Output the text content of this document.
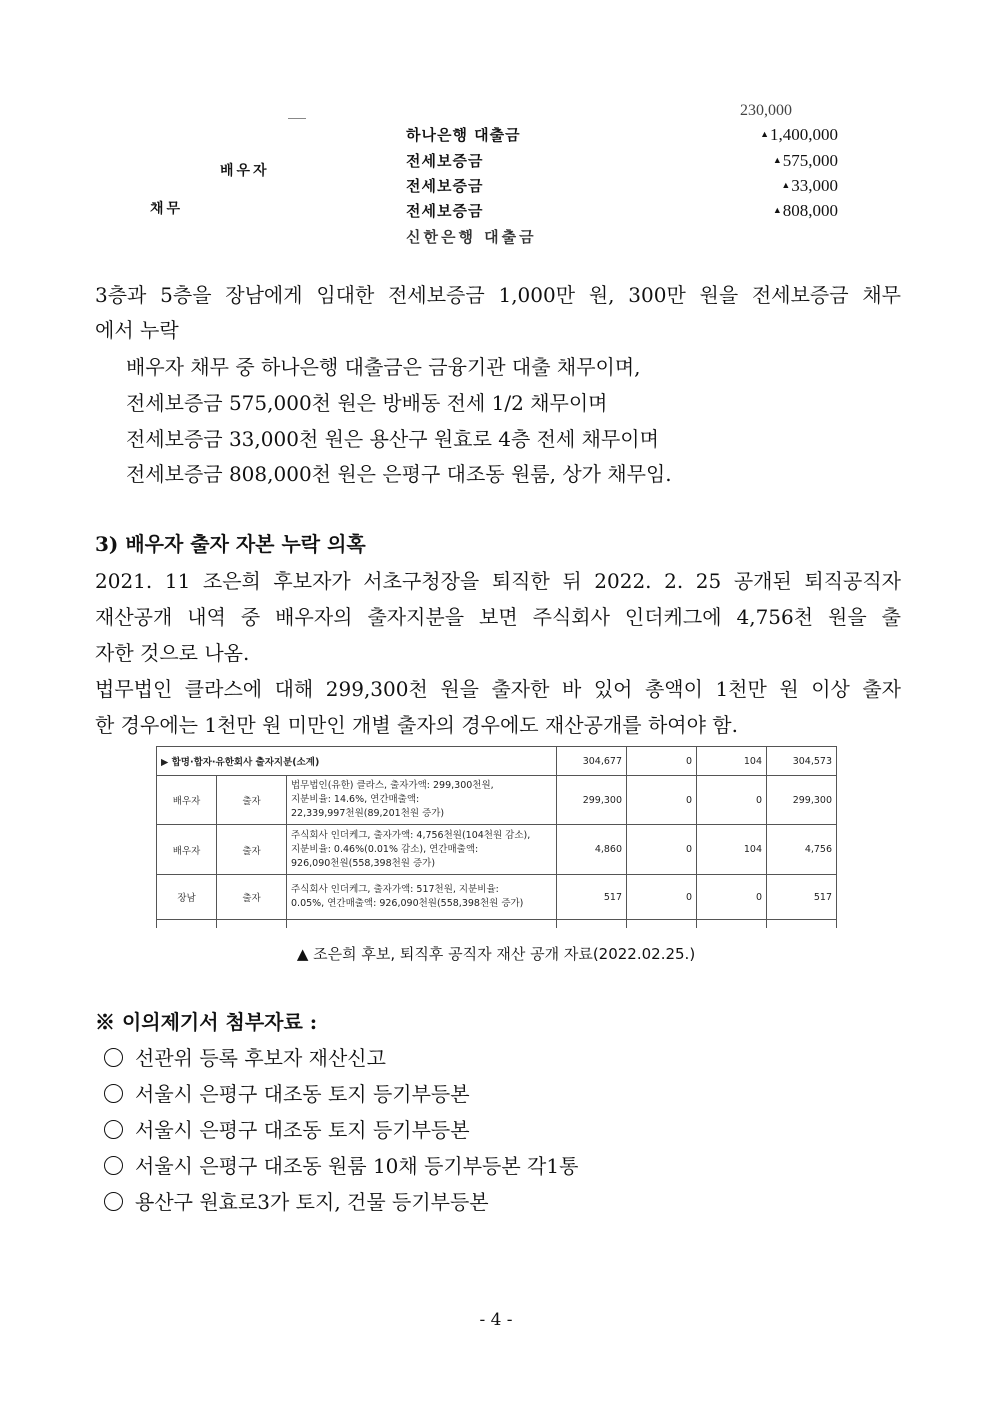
230,000
배우자
채무
하나은행 대출금	▲1,400,000
전세보증금	▲575,000
전세보증금	▲33,000
전세보증금	▲808,000
신한은행 대출금
3층과 5층을 장남에게 임대한 전세보증금 1,000만 원, 300만 원을 전세보증금 채무
에서 누락
배우자 채무 중 하나은행 대출금은 금융기관 대출 채무이며,
전세보증금 575,000천 원은 방배동 전세 1/2 채무이며
전세보증금 33,000천 원은 용산구 원효로 4층 전세 채무이며
전세보증금 808,000천 원은 은평구 대조동 원룸, 상가 채무임.
3) 배우자 출자 자본 누락 의혹
2021. 11 조은희 후보자가 서초구청장을 퇴직한 뒤 2022. 2. 25 공개된 퇴직공직자
재산공개 내역 중 배우자의 출자지분을 보면 주식회사 인더케그에 4,756천 원을 출
자한 것으로 나옴.
법무법인 클라스에 대해 299,300천 원을 출자한 바 있어 총액이 1천만 원 이상 출자
한 경우에는 1천만 원 미만인 개별 출자의 경우에도 재산공개를 하여야 함.
▶ 합명·합자·유한회사 출자지분(소계)			304,677	0	104	304,573
배우자	출자	법무법인(유한) 클라스, 출자가액: 299,300천원,
지분비율: 14.6%, 연간매출액:
22,339,997천원(89,201천원 증가)	299,300	0	0	299,300
배우자	출자	주식회사 인더케그, 출자가액: 4,756천원(104천원 감소),
지분비율: 0.46%(0.01% 감소), 연간매출액:
926,090천원(558,398천원 증가)	4,860	0	104	4,756
장남	출자	주식회사 인더케그, 출자가액: 517천원, 지분비율:
0.05%, 연간매출액: 926,090천원(558,398천원 증가)	517	0	0	517

▲ 조은희 후보, 퇴직후 공직자 재산 공개 자료(2022.02.25.)
※ 이의제기서 첨부자료 :
선관위 등록 후보자 재산신고
서울시 은평구 대조동 토지 등기부등본
서울시 은평구 대조동 토지 등기부등본
서울시 은평구 대조동 원룸 10채 등기부등본 각1통
용산구 원효로3가 토지, 건물 등기부등본
- 4 -
